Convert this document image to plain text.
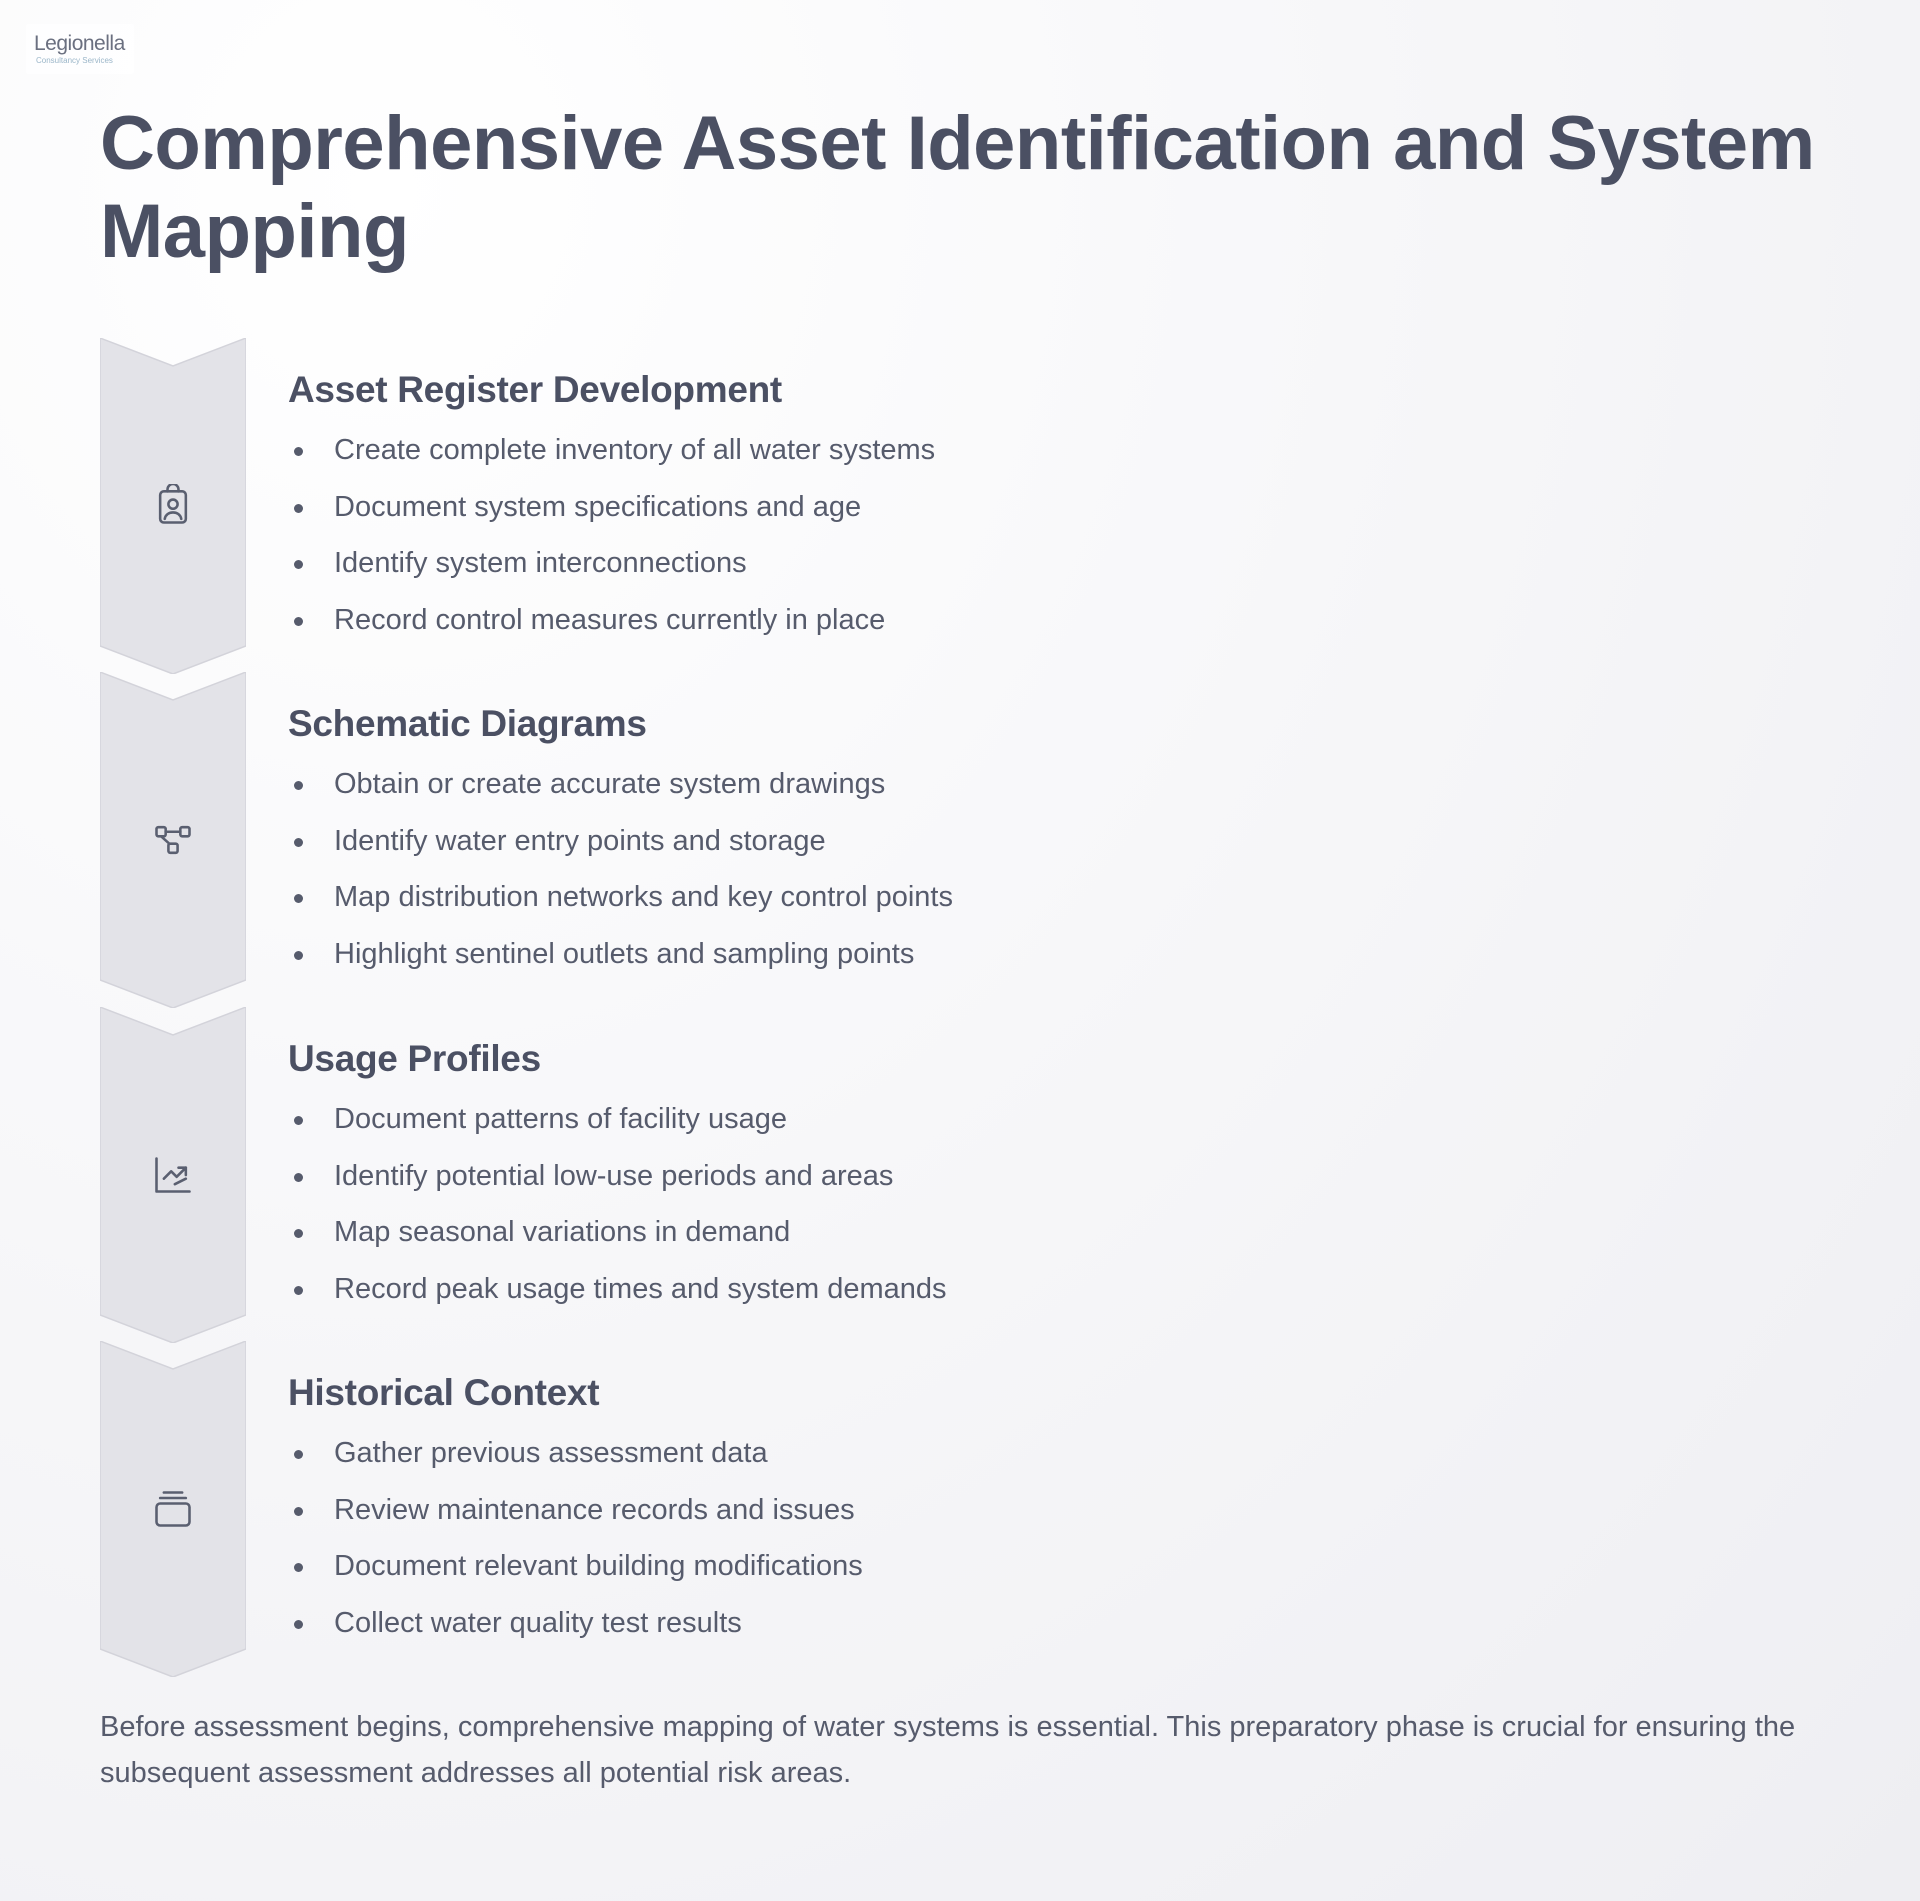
Legionella
Consultancy Services
Comprehensive Asset Identification and System Mapping
Asset Register Development
Create complete inventory of all water systems
Document system specifications and age
Identify system interconnections
Record control measures currently in place
Schematic Diagrams
Obtain or create accurate system drawings
Identify water entry points and storage
Map distribution networks and key control points
Highlight sentinel outlets and sampling points
Usage Profiles
Document patterns of facility usage
Identify potential low-use periods and areas
Map seasonal variations in demand
Record peak usage times and system demands
Historical Context
Gather previous assessment data
Review maintenance records and issues
Document relevant building modifications
Collect water quality test results

Before assessment begins, comprehensive mapping of water systems is essential. This preparatory phase is crucial for ensuring the subsequent assessment addresses all potential risk areas.
